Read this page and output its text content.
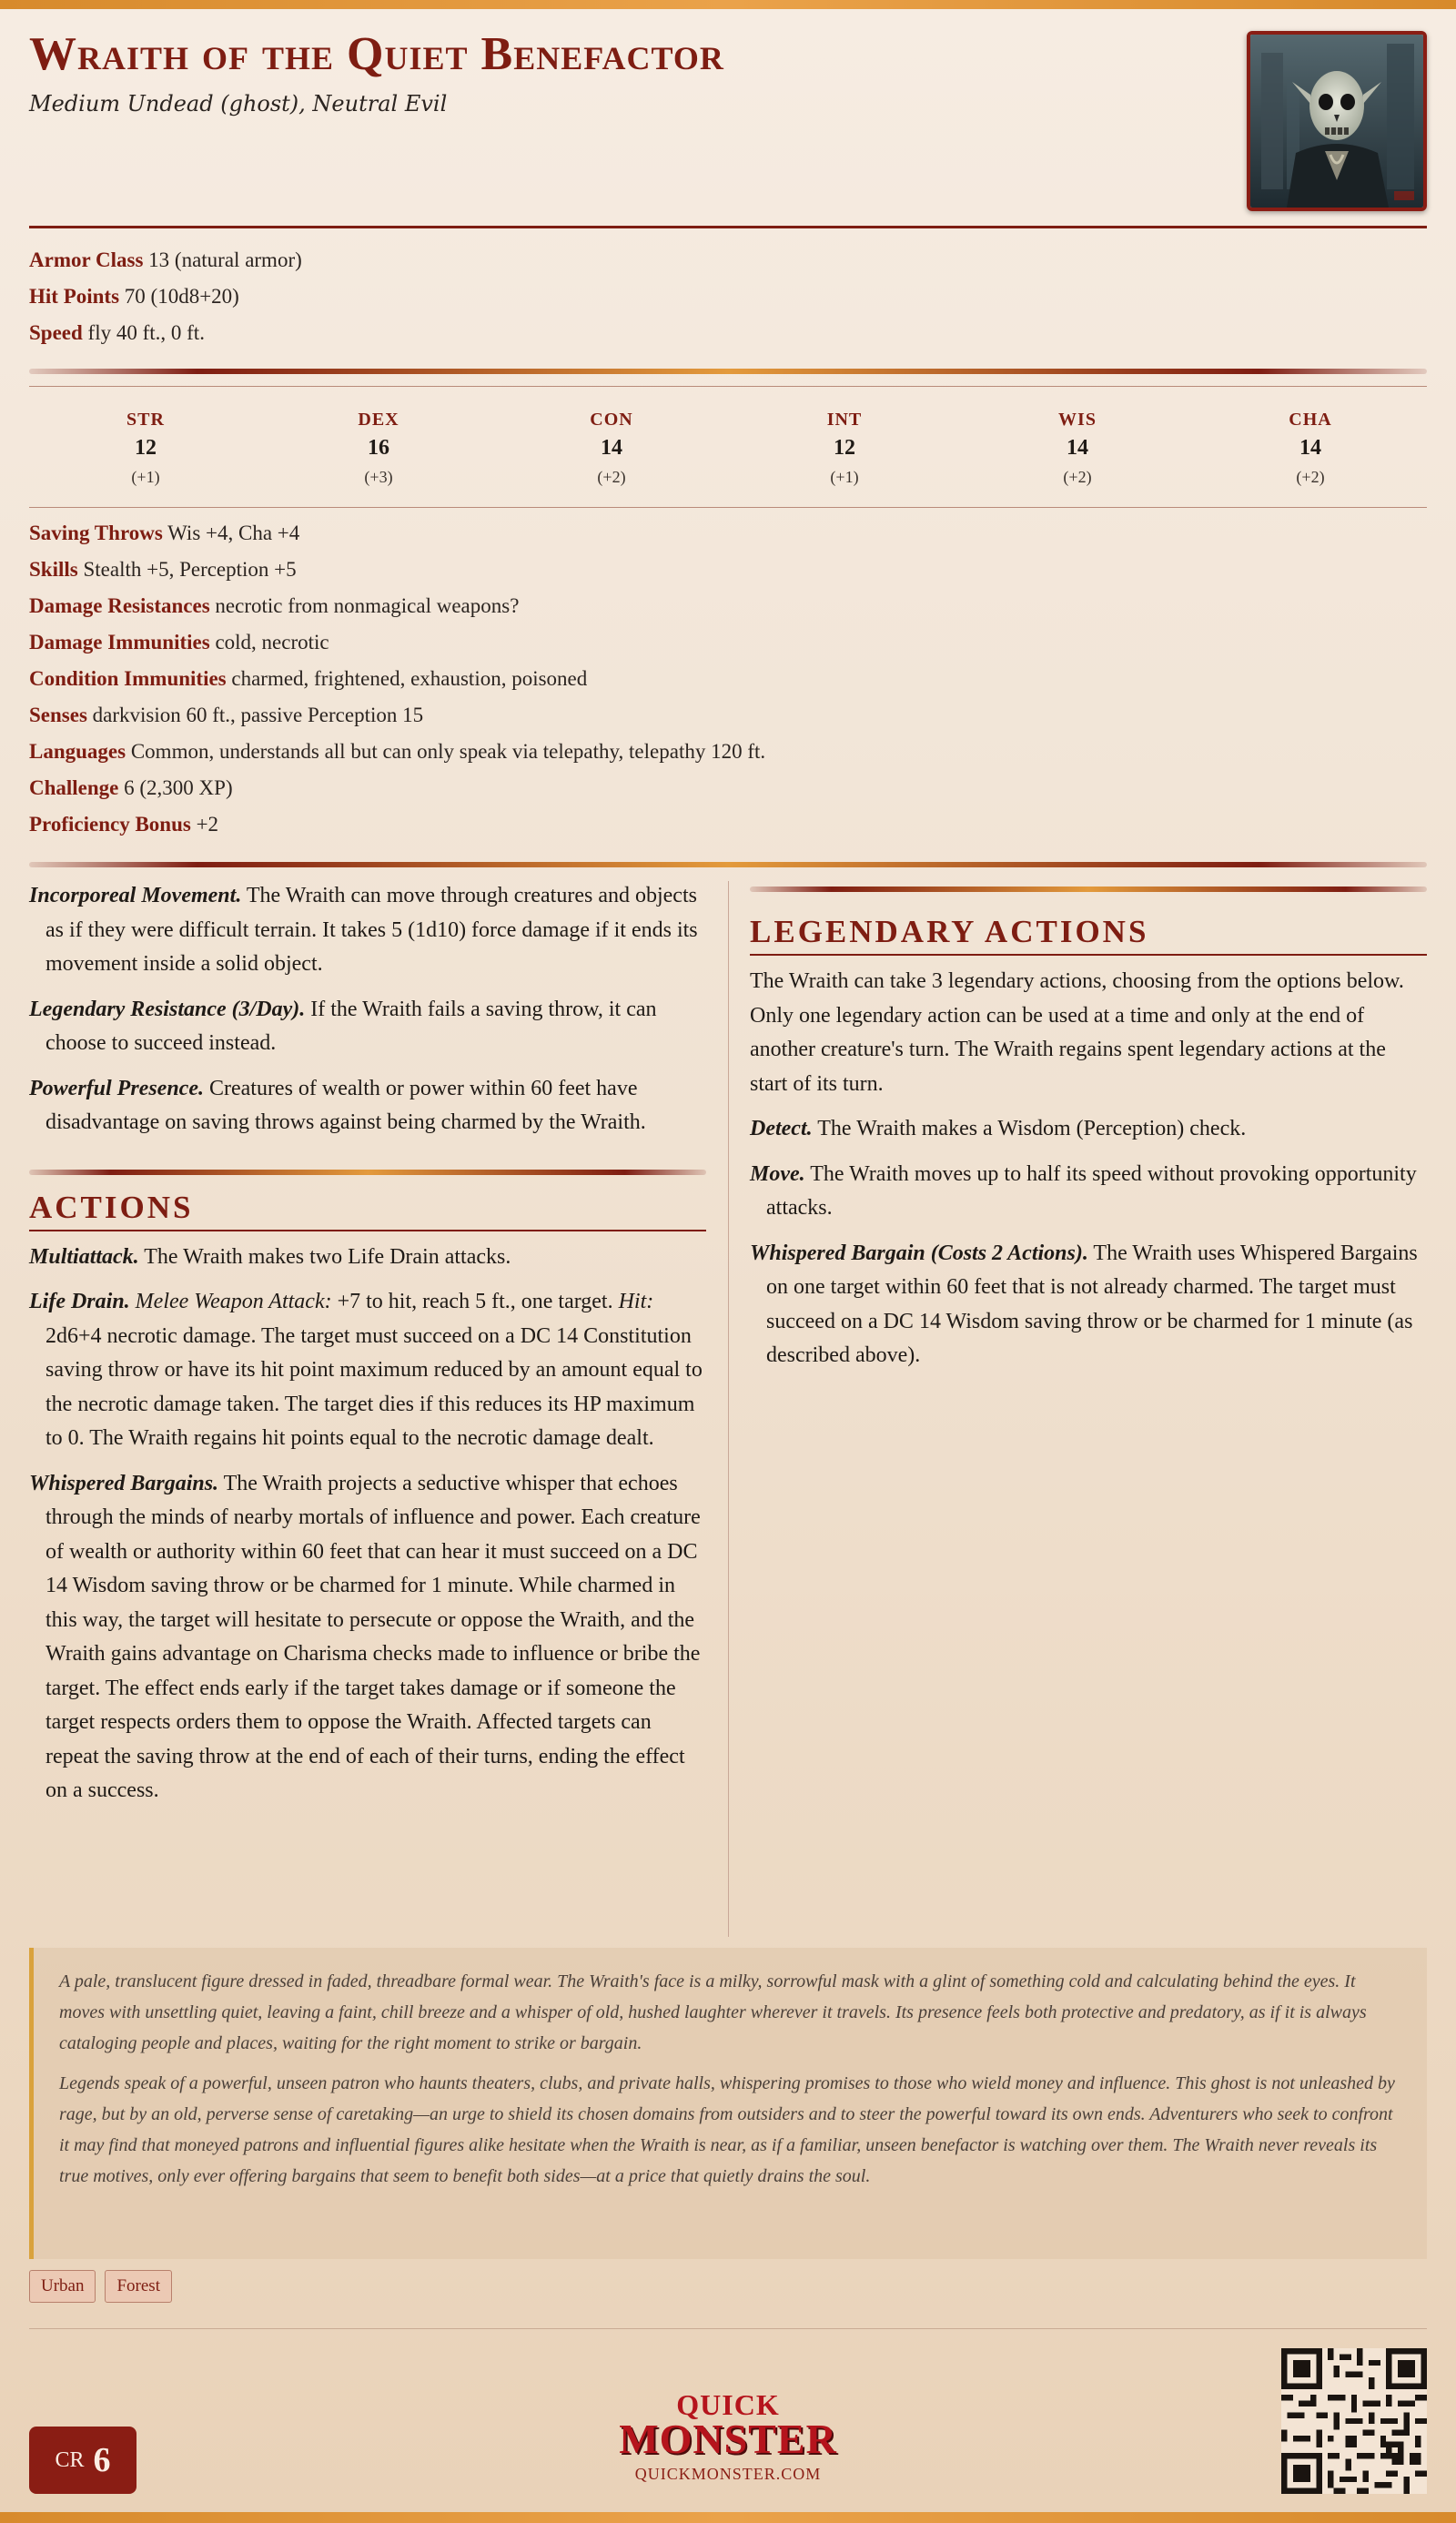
Wraith of the Quiet Benefactor
Medium Undead (ghost), Neutral Evil
Armor Class 13 (natural armor)
Hit Points 70 (10d8+20)
Speed fly 40 ft., 0 ft.
STR
12
(+1)
DEX
16
(+3)
CON
14
(+2)
INT
12
(+1)
WIS
14
(+2)
CHA
14
(+2)
Saving Throws Wis +4, Cha +4
Skills Stealth +5, Perception +5
Damage Resistances necrotic from nonmagical weapons?
Damage Immunities cold, necrotic
Condition Immunities charmed, frightened, exhaustion, poisoned
Senses darkvision 60 ft., passive Perception 15
Languages Common, understands all but can only speak via telepathy, telepathy 120 ft.
Challenge 6 (2,300 XP)
Proficiency Bonus +2

Incorporeal Movement. The Wraith can move through creatures and objects as if they were difficult terrain. It takes 5 (1d10) force damage if it ends its movement inside a solid object.

Legendary Resistance (3/Day). If the Wraith fails a saving throw, it can choose to succeed instead.

Powerful Presence. Creatures of wealth or power within 60 feet have disadvantage on saving throws against being charmed by the Wraith.

ACTIONS

Multiattack. The Wraith makes two Life Drain attacks.

Life Drain. Melee Weapon Attack: +7 to hit, reach 5 ft., one target. Hit: 2d6+4 necrotic damage. The target must succeed on a DC 14 Constitution saving throw or have its hit point maximum reduced by an amount equal to the necrotic damage taken. The target dies if this reduces its HP maximum to 0. The Wraith regains hit points equal to the necrotic damage dealt.

Whispered Bargains. The Wraith projects a seductive whisper that echoes through the minds of nearby mortals of influence and power. Each creature of wealth or authority within 60 feet that can hear it must succeed on a DC 14 Wisdom saving throw or be charmed for 1 minute. While charmed in this way, the target will hesitate to persecute or oppose the Wraith, and the Wraith gains advantage on Charisma checks made to influence or bribe the target. The effect ends early if the target takes damage or if someone the target respects orders them to oppose the Wraith. Affected targets can repeat the saving throw at the end of each of their turns, ending the effect on a success.

LEGENDARY ACTIONS

The Wraith can take 3 legendary actions, choosing from the options below. Only one legendary action can be used at a time and only at the end of another creature's turn. The Wraith regains spent legendary actions at the start of its turn.

Detect. The Wraith makes a Wisdom (Perception) check.

Move. The Wraith moves up to half its speed without provoking opportunity attacks.

Whispered Bargain (Costs 2 Actions). The Wraith uses Whispered Bargains on one target within 60 feet that is not already charmed. The target must succeed on a DC 14 Wisdom saving throw or be charmed for 1 minute (as described above).

A pale, translucent figure dressed in faded, threadbare formal wear. The Wraith's face is a milky, sorrowful mask with a glint of something cold and calculating behind the eyes. It moves with unsettling quiet, leaving a faint, chill breeze and a whisper of old, hushed laughter wherever it travels. Its presence feels both protective and predatory, as if it is always cataloging people and places, waiting for the right moment to strike or bargain.

Legends speak of a powerful, unseen patron who haunts theaters, clubs, and private halls, whispering promises to those who wield money and influence. This ghost is not unleashed by rage, but by an old, perverse sense of caretaking—an urge to shield its chosen domains from outsiders and to steer the powerful toward its own ends. Adventurers who seek to confront it may find that moneyed patrons and influential figures alike hesitate when the Wraith is near, as if a familiar, unseen benefactor is watching over them. The Wraith never reveals its true motives, only ever offering bargains that seem to benefit both sides—at a price that quietly drains the soul.

Urban	Forest
CR 6
QUICK
MONSTER
QUICKMONSTER.COM
